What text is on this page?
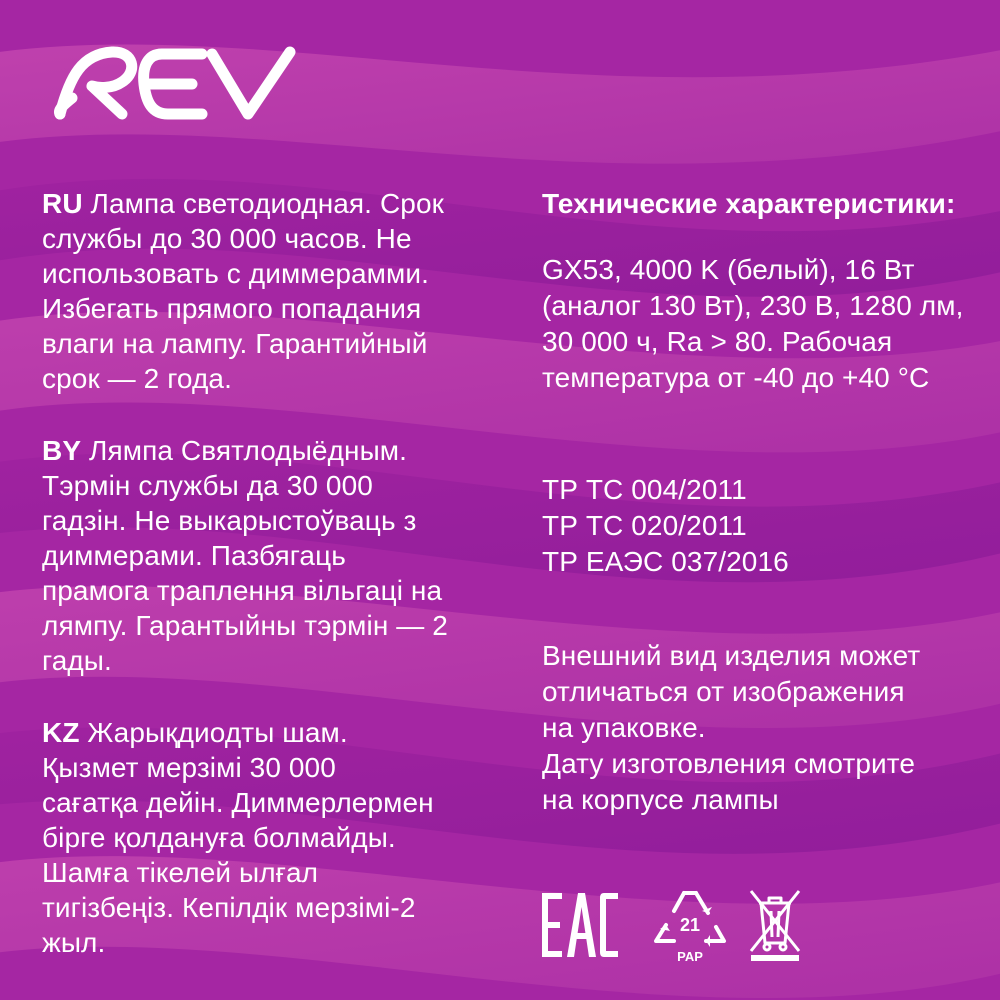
RU Лампа светодиодная. Срок
службы до 30 000 часов. Не
использовать с диммерамми.
Избегать прямого попадания
влаги на лампу. Гарантийный
срок — 2 года.

BY Лямпа Святлодыёдным.
Тэрмін службы да 30 000
гадзін. Не выкарыстоўваць з
диммерами. Пазбягаць
прамога траплення вільгаці на
лямпу. Гарантыйны тэрмін — 2
гады.

KZ Жарықдиодты шам.
Қызмет мерзімі 30 000
сағатқа дейін. Диммерлермен
бірге қолдануға болмайды.
Шамға тікелей ылғал
тигізбеңіз. Кепілдік мерзімі-2
жыл.

Технические характеристики:

GX53, 4000 K (белый), 16 Вт
(аналог 130 Вт), 230 В, 1280 лм,
30 000 ч, Ra > 80. Рабочая
температура от -40 до +40 °С

ТР ТС 004/2011
ТР ТС 020/2011
ТР ЕАЭС 037/2016

Внешний вид изделия может
отличаться от изображения
на упаковке.
Дату изготовления смотрите
на корпусе лампы

21
PAP
